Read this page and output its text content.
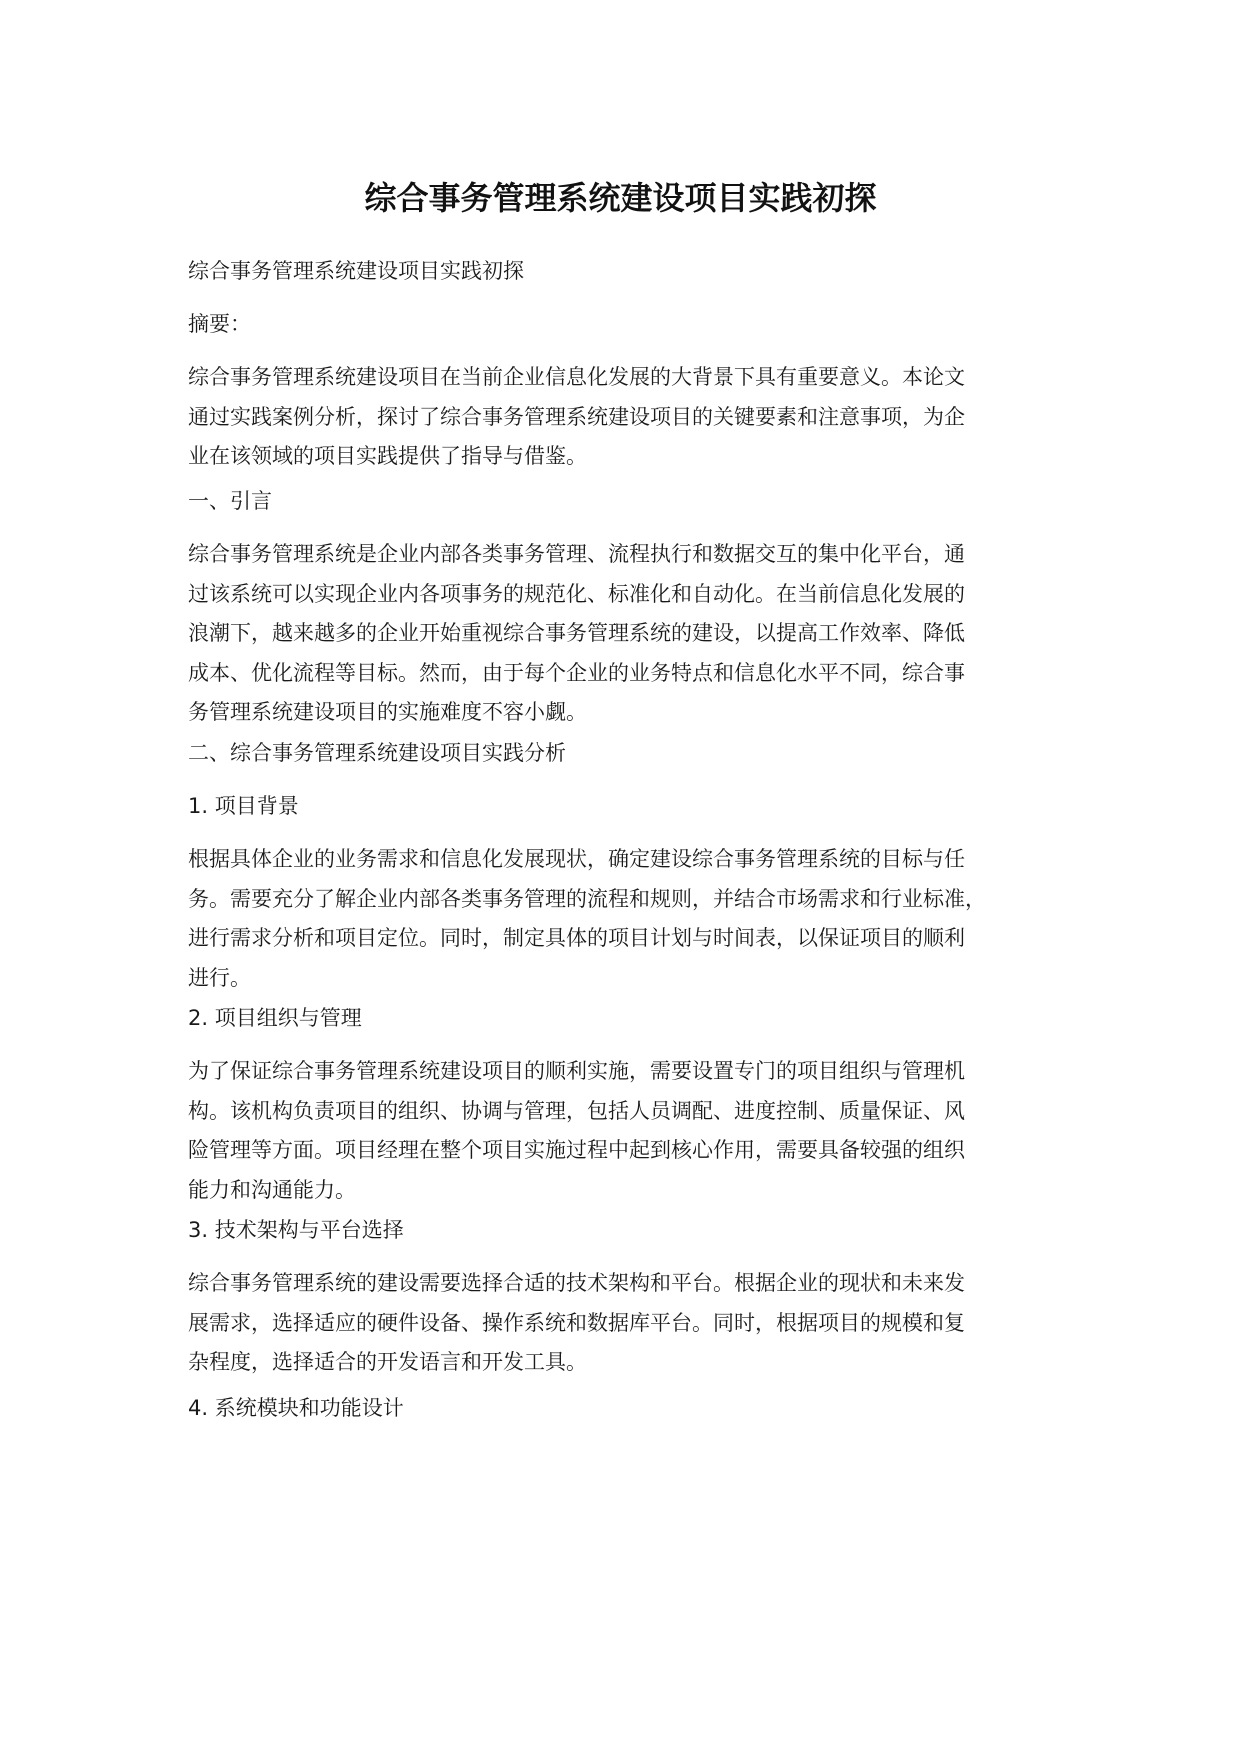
综合事务管理系统建设项目实践初探

综合事务管理系统建设项目实践初探

摘要：

综合事务管理系统建设项目在当前企业信息化发展的大背景下具有重要意义。本论文
通过实践案例分析，探讨了综合事务管理系统建设项目的关键要素和注意事项，为企
业在该领域的项目实践提供了指导与借鉴。

一、引言

综合事务管理系统是企业内部各类事务管理、流程执行和数据交互的集中化平台，通
过该系统可以实现企业内各项事务的规范化、标准化和自动化。在当前信息化发展的
浪潮下，越来越多的企业开始重视综合事务管理系统的建设，以提高工作效率、降低
成本、优化流程等目标。然而，由于每个企业的业务特点和信息化水平不同，综合事
务管理系统建设项目的实施难度不容小觑。

二、综合事务管理系统建设项目实践分析

1. 项目背景

根据具体企业的业务需求和信息化发展现状，确定建设综合事务管理系统的目标与任
务。需要充分了解企业内部各类事务管理的流程和规则，并结合市场需求和行业标准，
进行需求分析和项目定位。同时，制定具体的项目计划与时间表，以保证项目的顺利
进行。

2. 项目组织与管理

为了保证综合事务管理系统建设项目的顺利实施，需要设置专门的项目组织与管理机
构。该机构负责项目的组织、协调与管理，包括人员调配、进度控制、质量保证、风
险管理等方面。项目经理在整个项目实施过程中起到核心作用，需要具备较强的组织
能力和沟通能力。

3. 技术架构与平台选择

综合事务管理系统的建设需要选择合适的技术架构和平台。根据企业的现状和未来发
展需求，选择适应的硬件设备、操作系统和数据库平台。同时，根据项目的规模和复
杂程度，选择适合的开发语言和开发工具。

4. 系统模块和功能设计
